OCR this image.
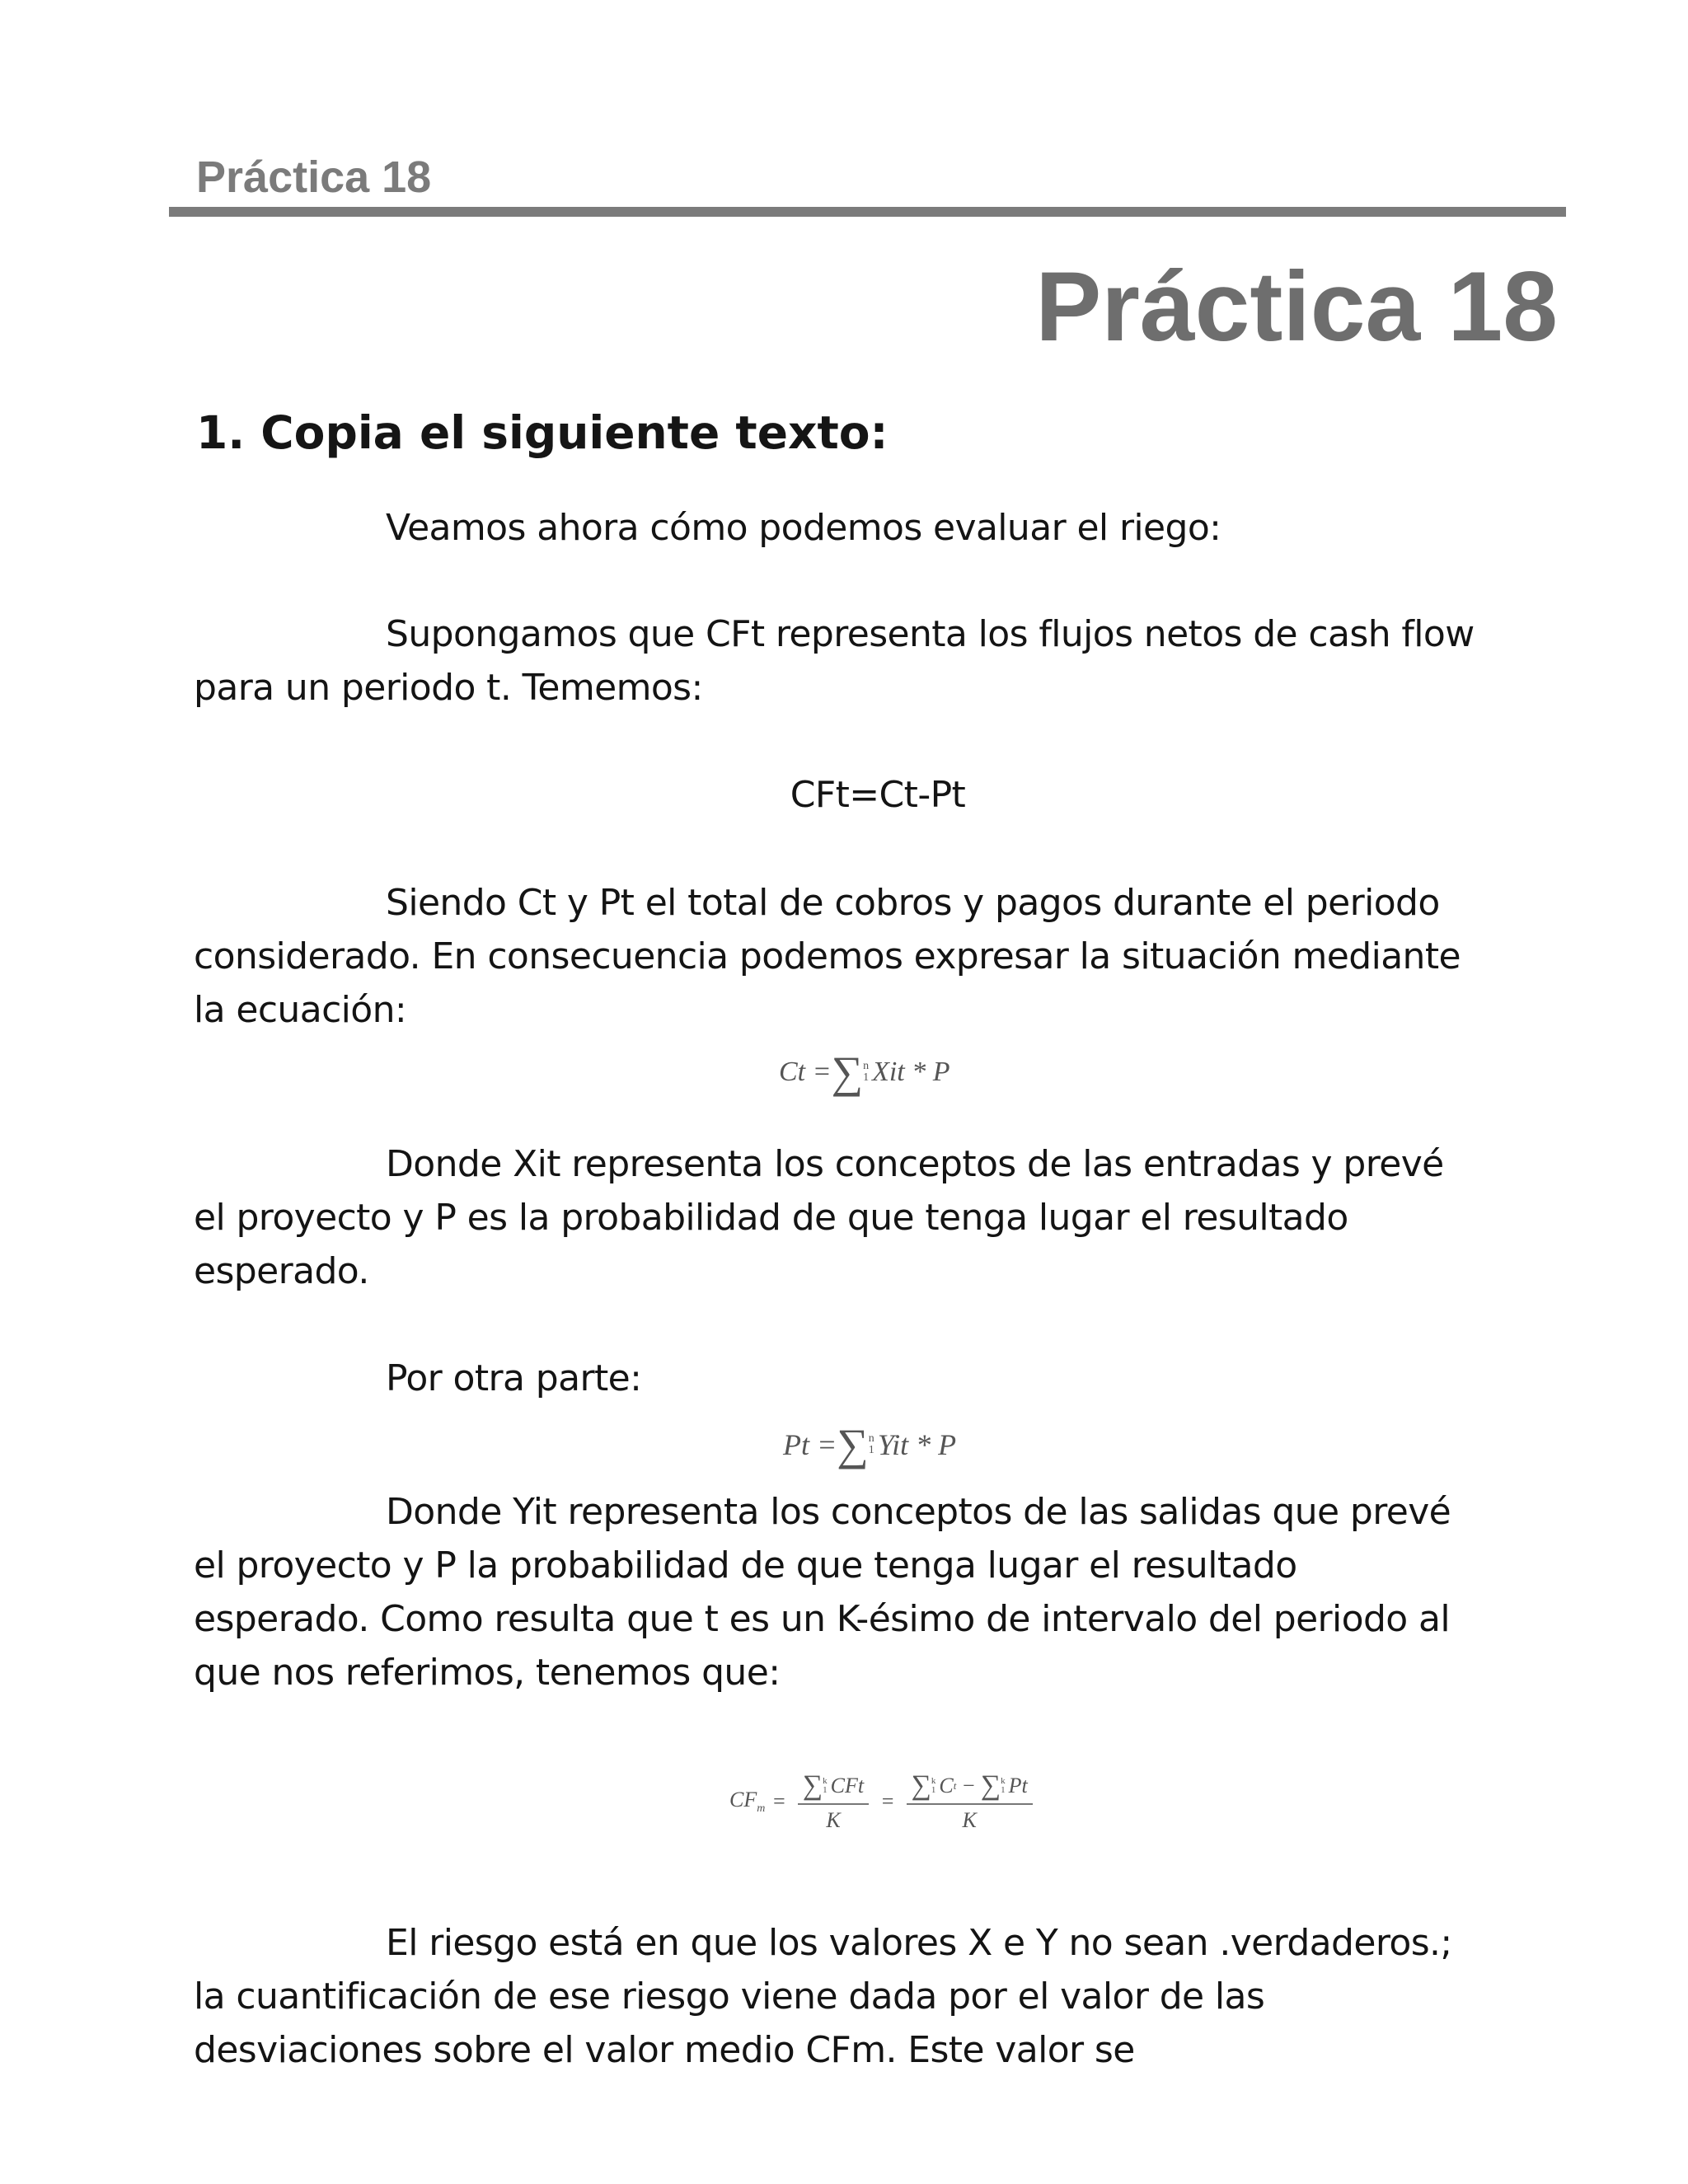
Práctica 18
Práctica 18
1. Copia el siguiente texto:

Veamos ahora cómo podemos evaluar el riego:

Supongamos que CFt representa los flujos netos de cash flow para un periodo t. Tememos:

CFt=Ct-Pt

Siendo Ct y Pt el total de cobros y pagos durante el periodo considerado. En consecuencia podemos expresar la situación mediante la ecuación:

Ct = ∑ n
1 Xit * P

Donde Xit representa los conceptos de las entradas y prevé el proyecto y P es la probabilidad de que tenga lugar el resultado esperado.

Por otra parte:

Pt = ∑ n
1 Yit * P

Donde Yit representa los conceptos de las salidas que prevé el proyecto y P la probabilidad de que tenga lugar el resultado esperado. Como resulta que t es un K-ésimo de intervalo del periodo al que nos referimos, tenemos que:

$CF_m$ = ∑ k
1 CFt
K = ∑ k
1 C t − ∑ k
1 Pt
K

El riesgo está en que los valores X e Y no sean .verdaderos.; la cuantificación de ese riesgo viene dada por el valor de las desviaciones sobre el valor medio CFm. Este valor se
